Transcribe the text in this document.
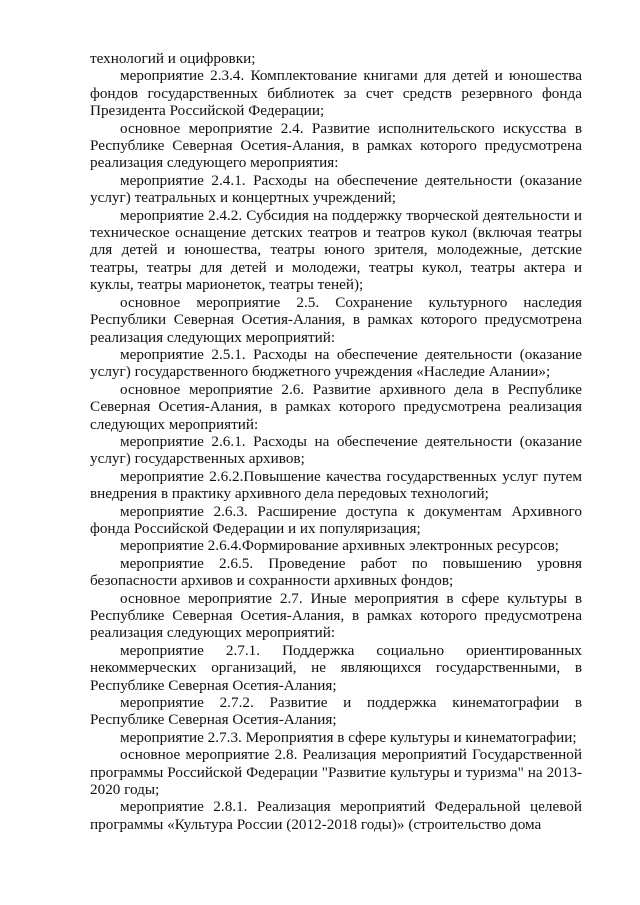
технологий и оцифровки;

мероприятие 2.3.4. Комплектование книгами для детей и юношества фондов государственных библиотек за счет средств резервного фонда Президента Российской Федерации;

основное мероприятие 2.4. Развитие исполнительского искусства в Республике Северная Осетия-Алания, в рамках которого предусмотрена реализация следующего мероприятия:

мероприятие 2.4.1. Расходы на обеспечение деятельности (оказание услуг) театральных и концертных учреждений;

мероприятие 2.4.2. Субсидия на поддержку творческой деятельности и техническое оснащение детских театров и театров кукол (включая театры для детей и юношества, театры юного зрителя, молодежные, детские театры, театры для детей и молодежи, театры кукол, театры актера и куклы, театры марионеток, театры теней);

основное мероприятие 2.5. Сохранение культурного наследия Республики Северная Осетия-Алания, в рамках которого предусмотрена реализация следующих мероприятий:

мероприятие 2.5.1. Расходы на обеспечение деятельности (оказание услуг) государственного бюджетного учреждения «Наследие Алании»;

основное мероприятие 2.6. Развитие архивного дела в Республике Северная Осетия-Алания, в рамках которого предусмотрена реализация следующих мероприятий:

мероприятие 2.6.1. Расходы на обеспечение деятельности (оказание услуг) государственных архивов;

мероприятие 2.6.2.Повышение качества государственных услуг путем внедрения в практику архивного дела передовых технологий;

мероприятие 2.6.3. Расширение доступа к документам Архивного фонда Российской Федерации и их популяризация;

мероприятие 2.6.4.Формирование архивных электронных ресурсов;

мероприятие 2.6.5. Проведение работ по повышению уровня безопасности архивов и сохранности архивных фондов;

основное мероприятие 2.7. Иные мероприятия в сфере культуры в Республике Северная Осетия-Алания, в рамках которого предусмотрена реализация следующих мероприятий:

мероприятие 2.7.1. Поддержка социально ориентированных некоммерческих организаций, не являющихся государственными, в Республике Северная Осетия-Алания;

мероприятие 2.7.2. Развитие и поддержка кинематографии в Республике Северная Осетия-Алания;

мероприятие 2.7.3. Мероприятия в сфере культуры и кинематографии;

основное мероприятие 2.8. Реализация мероприятий Государственной программы Российской Федерации "Развитие культуры и туризма" на 2013-2020 годы;

мероприятие 2.8.1. Реализация мероприятий Федеральной целевой программы «Культура России (2012-2018 годы)» (строительство дома
